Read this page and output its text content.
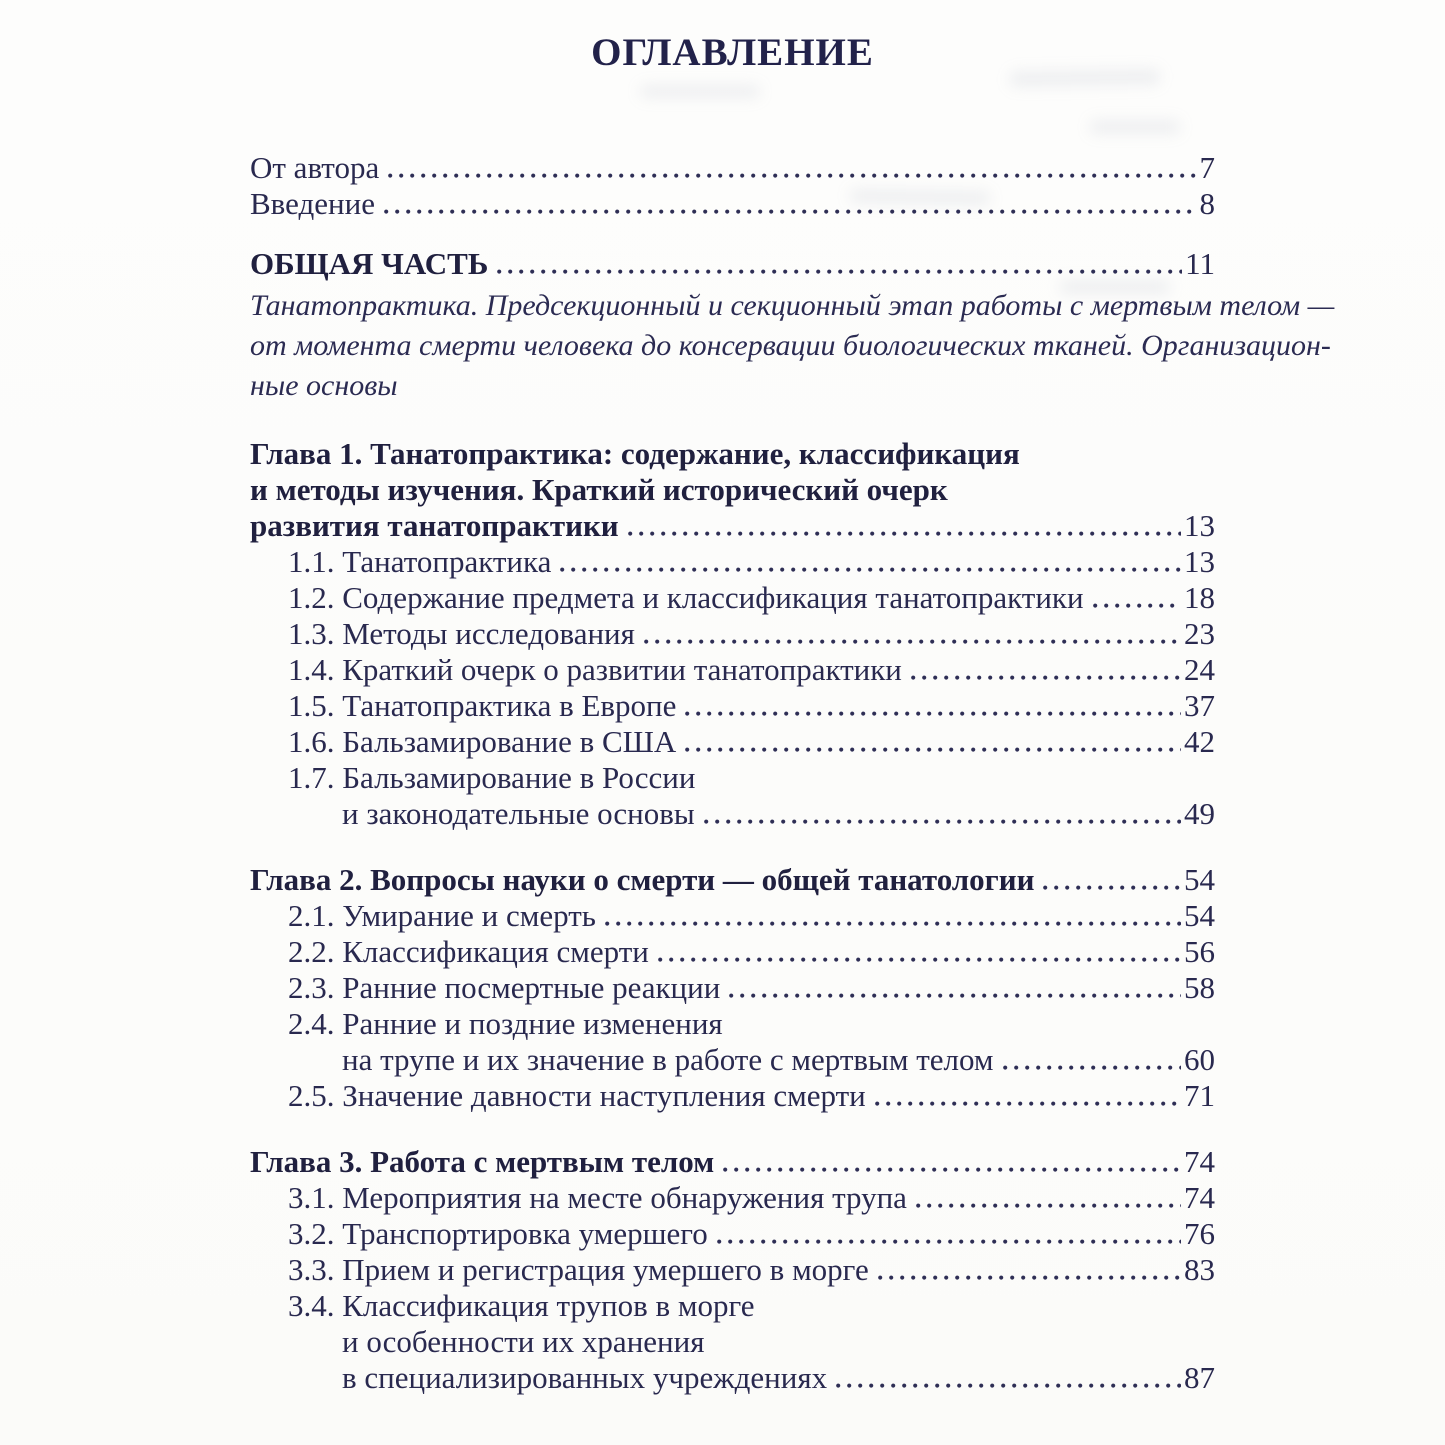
ОГЛАВЛЕНИЕ
От автора	7
Введение	8
ОБЩАЯ ЧАСТЬ	11
Танатопрактика. Предсекционный и секционный этап работы с мертвым телом —
от момента смерти человека до консервации биологических тканей. Организацион-
ные основы
Глава 1. Танатопрактика: содержание, классификация
и методы изучения. Краткий исторический очерк
развития танатопрактики	13
1.1. Танатопрактика	13
1.2. Содержание предмета и классификация танатопрактики	18
1.3. Методы исследования	23
1.4. Краткий очерк о развитии танатопрактики	24
1.5. Танатопрактика в Европе	37
1.6. Бальзамирование в США	42
1.7. Бальзамирование в России
и законодательные основы	49
Глава 2. Вопросы науки о смерти — общей танатологии	54
2.1. Умирание и смерть	54
2.2. Классификация смерти	56
2.3. Ранние посмертные реакции	58
2.4. Ранние и поздние изменения
на трупе и их значение в работе с мертвым телом	60
2.5. Значение давности наступления смерти	71
Глава 3. Работа с мертвым телом	74
3.1. Мероприятия на месте обнаружения трупа	74
3.2. Транспортировка умершего	76
3.3. Прием и регистрация умершего в морге	83
3.4. Классификация трупов в морге
и особенности их хранения
в специализированных учреждениях	87
